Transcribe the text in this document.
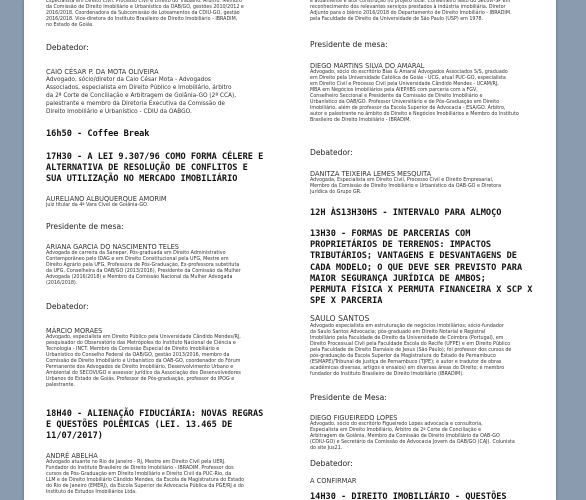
Especialista em Direito Civil, Processo Civil e Direito do Trabalho. Árbitro. Membro

da Comissão de Direito Imobiliário e Urbanístico da OAB/GO, gestões 2010/2012 e

2016/2018. Coordenadora da Subcomissão de Loteamentos da CDIU-GO, gestão

2016/2018. Vice-diretora do Instituto Brasileiro de Direito Imobiliário - IBRADIM,

no Estado de Goiás.

Debatedor:

CAIO CÉSAR P. DA MOTA OLIVEIRA

Advogado, sócio/diretor da Caio César Mota - Advogados

Associados, especialista em Direito Público e Imobiliário, árbitro

da 2ª Corte de Conciliação e Arbitragem de Goiânia-GO (2ª CCA),

palestrante e membro da Diretoria Executiva da Comissão de

Direito Imobiliário e Urbanístico - CDIU da OABGO.

16h50 - Coffee Break

17H30 - A LEI 9.307/96 COMO FORMA CÉLERE E

ALTERNATIVA DE RESOLUÇÃO DE CONFLITOS E

SUA UTILIZAÇÃO NO MERCADO IMOBILIÁRIO

AURELIANO ALBUQUERQUE AMORIM

Juiz titular da 4ª Vara Cível de Goiânia-GO.

Presidente de mesa:

ARIANA GARCIA DO NASCIMENTO TELES

Advogada de carreira da Sanepar, Pós-graduada em Direito Administrativo

Contemporâneo pelo IDAG e em Direito Constitucional pela UFG, Mestre em

Direito Agrário pela UFG, Professora de Pós-Graduação, Ex-professora substituta

da UFG, Conselheira da OAB/GO (2013/2016), Presidente da Comissão da Mulher

Advogada (2016/2018) e Membro da Comissão Nacional da Mulher Advogada

(2016/2018).

Debatedor:

MÁRCIO MORAES

Advogado, especialista em Direito Público pela Universidade Cândido Mendes/RJ,

pesquisador do Observatório das Metrópoles do Instituto Nacional de Ciência e

Tecnologia - INCT. Membro da Comissão Especial de Direito Imobiliário e

Urbanístico do Conselho Federal da OAB/GO, gestão 2013/2016, membro da

Comissão de Direito Imobiliário e Urbanístico da OAB-GO, coordenador do Fórum

Permanente dos Advogados de Direito Imobiliário, Desenvolvimento Urbano e

Ambiental do SECOVI/GO e assessor jurídico da Associação dos Desenvolvedores

Urbanos do Estado de Goiás. Professor de Pós-graduação, professor do IPOG e

palestrante.

18H40 - ALIENAÇÃO FIDUCIÁRIA: NOVAS REGRAS

E QUESTÕES POLÊMICAS (LEI. 13.465 DE

11/07/2017)

ANDRÉ ABELHA

Advogado atuante no Rio de Janeiro - RJ, Mestre em Direito Civil pela UERJ.

Fundador do Instituto Brasileiro de Direito Imobiliário - IBRADIM. Professor dos

cursos de Pós-Graduação em Direito Imobiliário e Direito Civil da PUC-Rio, da

LLM e de Direito Imobiliário Cândido Mendes, da Escola de Magistratura do Estado

do Rio de Janeiro (EMERJ), da Escola Superior de Advocacia Pública da PGE/RJ e do

Instituto de Estudos Imobiliários Ltda.

e atualmente é ator construção no projeto local. Conselheiro Nato do Secovi-SP em

reconhecimento dos relevantes serviços prestados à indústria imobiliária. Diretor

Adjunto para o biênio 2016/2018 do Departamento de Direito Imobiliário - IBRADIM.

pela Faculdade de Direito da Universidade de São Paulo (USP) em 1978.

Presidente de mesa:

DIEGO MARTINS SILVA DO AMARAL

Advogado, sócio do escritório Bias & Amaral Advogados Associados S/S, graduado

em Direito pela Universidade Católica de Goiás - UCG, atual PUC-GO, especialista

em Direito Civil e Processo Civil pela Universidade Cândido Mendes - UCAM/RJ,

MBA em Negócios Imobiliários pela AIEP/IBS com parceria com a FGV,

Conselheiro Seccional e Presidente da Comissão de Direito Imobiliário e

Urbanístico da OAB/GO. Professor Universitário e de Pós-Graduação em Direito

Imobiliário, além de professor da Escola Superior de Advocacia - ESA/GO. Árbitro,

autor e palestrante no âmbito do Direito e Negócios Imobiliários e Membro do Instituto

Brasileiro de Direito Imobiliário - IBRADIM.

Debatedor:

DANITZA TEIXEIRA LEMES MESQUITA

Advogada, Especialista em Direito Civil, Processo Civil e Direito Empresarial,

Membro da Comissão de Direito Imobiliário e Urbanístico da OAB-GO e Diretora

Jurídica do Grupo GR.

12H ÀS13H30HS - INTERVALO PARA ALMOÇO

13H30 - FORMAS DE PARCERIAS COM

PROPRIETÁRIOS DE TERRENOS: IMPACTOS

TRIBUTÁRIOS; VANTAGENS E DESVANTAGENS DE

CADA MODELO; O QUE DEVE SER PREVISTO PARA

MAIOR SEGURANÇA JURÍDICA DE AMBOS;

PERMUTA FÍSICA X PERMUTA FINANCEIRA X SCP X

SPE X PARCERIA

SAULO SANTOS

Advogado especialista em estruturação de negócios imobiliários; sócio-fundador

da Saulo Santos Advocacia; pós-graduado em Direito Notarial e Registral

Imobiliário pela Faculdade de Direito da Universidade de Coimbra (Portugal), em

Direito Processual Civil pela Faculdade Escola do Recife (UFPE) e em Direito Público

pela Faculdade de Direito Damásio de Jesus (São Paulo); foi professor dos cursos de

pós-graduação da Escola Superior da Magistratura do Estado de Pernambuco

(ESMAPE)/Tribunal de Justiça de Pernambuco (TJPE); é autor e tradutor de obras

acadêmicas diversas, artigos e ensaios) em diversas áreas do Direito; é membro

fundador do Instituto Brasileiro de Direito Imobiliário (IBRADIM).

Presidente de Mesa:

DIEGO FIGUEIREDO LOPES

Advogado, sócio do escritório Figueiredo Lopes advocacia e consultoria,

Especialista em Direito Imobiliário, Árbitro da 2ª Corte de Conciliação e

Arbitragem de Goiânia, Membro da Comissão de Direito Imobiliário da OAB-GO

(CDIU-GO) e Secretário da Comissão de Advocacia Jovem da OAB/GO (CAJ). Colunista

do site Jus21.

Debatedor:

A CONFIRMAR

14H30 - DIREITO IMOBILIÁRIO - QUESTÕES
